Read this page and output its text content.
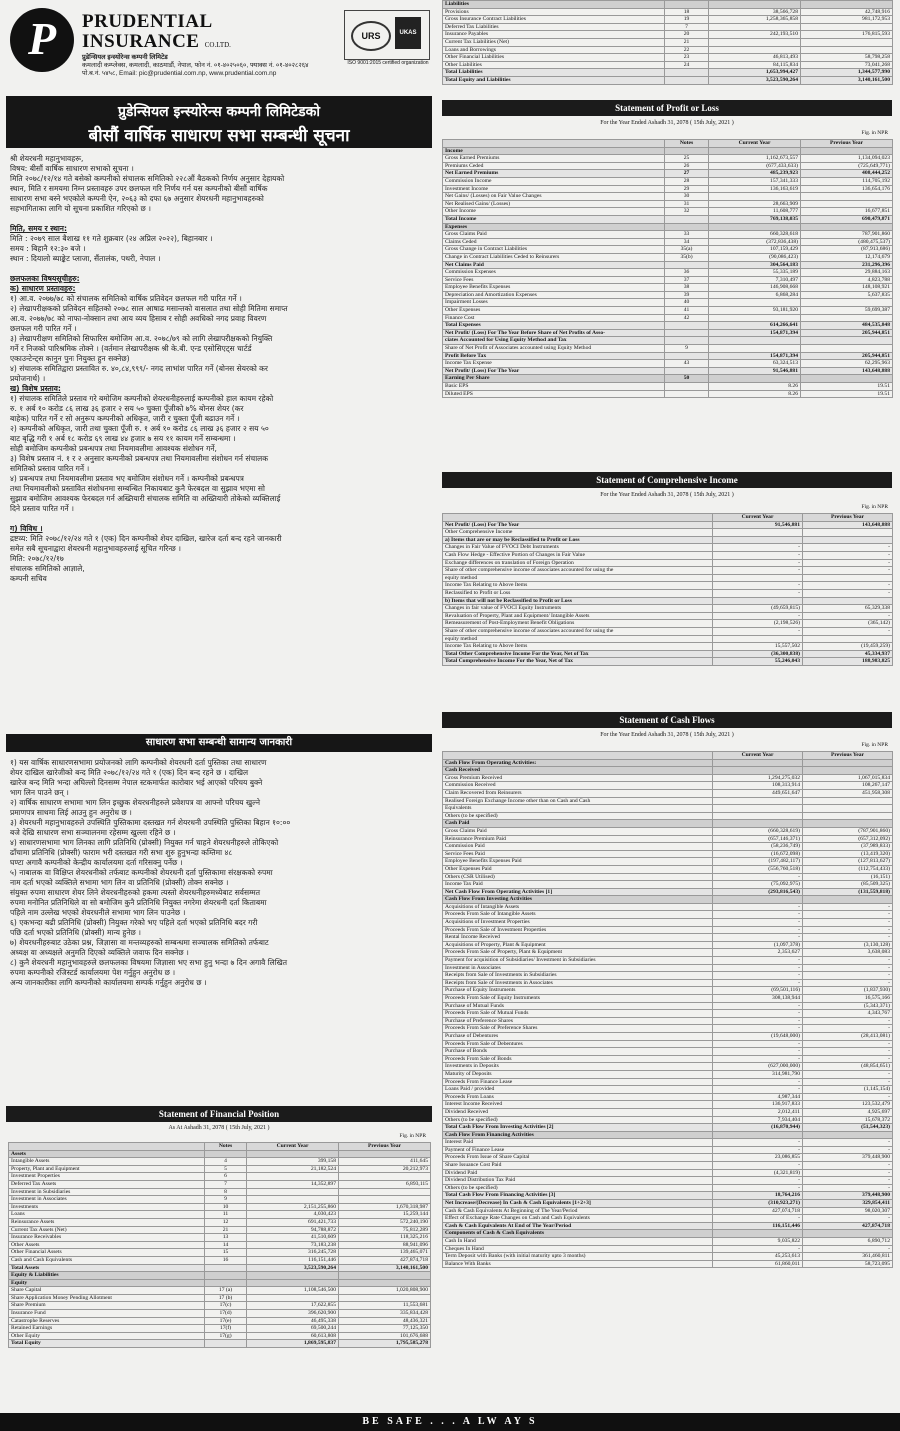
P	PRUDENTIAL
INSURANCE CO.LTD.
प्रुडेन्सियल इन्स्योरेन्स कम्पनी लिमिटेड
कमलादी कम्प्लेक्स, कमलादी, काठमाडौं, नेपाल, फोन नं. ०१-४०२५०६०, फ्याक्स नं. ०१-४०२८२६४
पो.ब.नं. ५४५८, Email: pic@prudential.com.np, www.prudential.com.np
URS	UKAS
ISO 9001:2015 certified organization
प्रुडेन्सियल इन्स्योरेन्स कम्पनी लिमिटेडको
बीसौं वार्षिक साधारण सभा सम्बन्धी सूचना
श्री शेयरधनी महानुभावहरू,
विषय: बीसौं वार्षिक साधारण सभाको सूचना ।
मिति २०७८/१२/१४ गते बसेको कम्पनीको संचालक समितिको २२८औं बैठकको निर्णय अनुसार देहायको
स्थान, मिति र समयमा निम्न प्रस्तावहरु उपर छलफल गरि निर्णय गर्न यस कम्पनीको बीसौं वार्षिक
साधारण सभा बस्ने भएकोले कम्पनी ऐन, २०६३ को दफा ६७ अनुसार शेयरधनी महानुभावहरुको
सहभागिताका लागि यो सूचना प्रकाशित गरिएको छ ।
मिति, समय र स्थान:
मिति : २०७९ साल बैशाख ११ गते शुक्रबार (२४ अप्रिल २०२२), बिहानबार ।
समय : बिहानै १२:३० बजे ।
स्थान : दियालो ब्याङ्केट प्लाजा, सैंतालंक, पथरी, नेपाल ।
छलफलका विषयसूचीहरु:
क) साधारण प्रस्तावहरु:
१) आ.व. २०७७/७८ को संचालक समितिको वार्षिक प्रतिवेदन छलफल गरी पारित गर्ने ।
२) लेखापरीक्षकको प्रतिवेदन सहितको २०७८ साल आषाढ मसान्तको वासलात तथा सोही मितिमा समाप्त
आ.व. २०७७/७८ को नाफा-नोक्सान तथा आय व्यय हिसाब र सोही अवधिको नगद प्रवाह विवरण
छलफल गरी पारित गर्ने ।
३) लेखापरीक्षण समितिको सिफारिस बमोजिम आ.व. २०७८/७९ को लागि लेखापरीक्षकको नियुक्ति
गर्ने र निजको पारिश्रमिक तोक्ने । (वर्तमान लेखापरीक्षक श्री के.बी. एन्ड एसोसिएट्स चार्टर्ड
एकाउन्टेन्ट्स कानुन पुनः नियुक्त हुन सक्नेछ)
४) संचालक समितिद्वारा प्रस्तावित रु. ४०,८४,९९९/- नगद लाभांश पारित गर्ने (बोनस सेयरको कर
प्रयोजनार्थ) ।
ख) विशेष प्रस्ताव:
१) संचालक समितिले प्रस्ताव गरे बमोजिम कम्पनीको शेयरधनीहरुलाई कम्पनीको हाल कायम रहेको
रु. १ अर्ब १० करोड ८६ लाख ३६ हजार २ सय ५० चुक्ता पूँजीको ७% बोनस शेयर (कर
बाहेक) पारित गर्ने र सो अनुरूप कम्पनीको अधिकृत, जारी र चुक्ता पूँजी बढाउन गर्ने ।
२) कम्पनीको अधिकृत, जारी तथा चुक्ता पूँजी रु. १ अर्ब १० करोड ८६ लाख ३६ हजार २ सय ५०
बाट बृद्धि गरी १ अर्ब १८ करोड ६९ लाख ४४ हजार ७ सय ११ कायम गर्ने सम्बन्धमा ।
सोही बमोजिम कम्पनीको प्रबन्धपत्र तथा नियमावलीमा आवश्यक संशोधन गर्ने,
३) विशेष प्रस्ताव नं. १ र २ अनुसार कम्पनीको प्रबन्धपत्र तथा नियमावलीमा संशोधन गर्न संचालक
समितिको प्रस्ताव पारित गर्ने ।
४) प्रबन्धपत्र तथा नियमावलीमा प्रस्ताव भए बमोजिम संशोधन गर्ने । कम्पनीको प्रबन्धपत्र
तथा नियमावलीको प्रस्तावित संशोधनमा सम्बन्धित निकायबाट कुनै फेरबदल वा सुझाव भएमा सो
सुझाव बमोजिम आवश्यक फेरबदल गर्न अख्तियारी संचालक समिति वा अख्तियारी तोकेको व्यक्तिलाई
दिने प्रस्ताव पारित गर्ने ।
ग) विविध ।
द्रष्टव्य: मिति २०७८/१२/२४ गते १ (एक) दिन कम्पनीको शेयर दाखिल, खारेज दर्ता बन्द रहने जानकारी
समेत सबै सूचनाद्वारा शेयरधनी महानुभावहरुलाई सूचित गरिन्छ ।
मिति: २०७८/१२/१७
संचालक समितिको आज्ञाले,
कम्पनी सचिव
साधारण सभा सम्बन्धी सामान्य जानकारी
१) यस वार्षिक साधारणसभामा प्रयोजनको लागि कम्पनीको शेयरधनी दर्ता पुस्तिका तथा साधारण
शेयर दाखिल खारेजीको बन्द मिति २०७८/१२/२४ गते १ (एक) दिन बन्द रहने छ । दाखिल
खारेज बन्द मिति भन्दा अघिल्लो दिनसम्म नेपाल स्टकमार्फत कारोबार भई आएको परिचय बुक्ने
भाग लिन पाउने छन् ।
२) वार्षिक साधारण सभामा भाग लिन इच्छुक शेयरधनीहरुले प्रवेशपत्र वा आफ्नो परिचय खुल्ने
प्रमाणपत्र साथमा लिई आउनु हुन अनुरोध छ ।
३) शेयरधनी महानुभावहरुले उपस्थिति पुस्तिकामा दस्तखत गर्न शेयरधनी उपस्थिति पुस्तिका बिहान १०:००
बजे देखि साधारण सभा सञ्चालनमा रहेसम्म खुल्ला रहिने छ ।
४) साधारणसभामा भाग लिनका लागि प्रतिनिधि (प्रोक्सी) नियुक्त गर्न चाहने शेयरधनीहरुले तोकिएको
ढाँचामा प्रतिनिधि (प्रोक्सी) फाराम भरी दस्तखत गरी सभा शुरु हुनुभन्दा कम्तिमा ४८
घण्टा अगावै कम्पनीको केन्द्रीय कार्यालयमा दर्ता गरिसक्नु पर्नेछ ।
५) नाबालक वा विक्षिप्त शेयरधनीको तर्फबाट कम्पनीको शेयरधनी दर्ता पुस्तिकामा संरक्षकको रुपमा
नाम दर्ता भएको व्यक्तिले सभामा भाग लिन वा प्रतिनिधि (प्रोक्सी) तोक्न सक्नेछ ।
संयुक्त रुपमा साधारण शेयर लिने शेयरधनीहरुको हकमा त्यस्तो शेयरधनीहरुमध्येबाट सर्वसम्मत
रुपमा मनोनित प्रतिनिधिले वा सो बमोजिम कुनै प्रतिनिधि नियुक्त नगरेमा शेयरधनी दर्ता किताबमा
पहिले नाम उल्लेख भएको शेयरधनीले सभामा भाग लिन पाउनेछ ।
६) एकभन्दा बढी प्रतिनिधि (प्रोक्सी) नियुक्त गरेको भए पहिले दर्ता भएको प्रतिनिधि बदर गरी
पछि दर्ता भएको प्रतिनिधि (प्रोक्सी) मान्य हुनेछ ।
७) शेयरधनीहरुबाट उठेका प्रश्न, जिज्ञासा वा मन्तव्यहरुको सम्बन्धमा सञ्चालक समितिको तर्फबाट
अध्यक्ष वा अध्यक्षले अनुमति दिएको व्यक्तिले जवाफ दिन सक्नेछ ।
८) कुनै शेयरधनी महानुभावहरुले छलफलका विषयमा जिज्ञासा भए सभा हुनु भन्दा ७ दिन अगावै लिखित
रुपमा कम्पनीको रजिस्टर्ड कार्यालयमा पेश गर्नुहुन अनुरोध छ ।
अन्य जानकारीका लागि कम्पनीको कार्यालयमा सम्पर्क गर्नुहुन अनुरोध छ ।
Statement of Financial Position
As At Ashadh 31, 2078 ( 15th July, 2021 )
Fig. in NPR
	Notes	Current Year	Previous Year
Assets			
Intangible Assets	4	399,158	411,645
Property, Plant and Equipment	5	21,182,524	20,212,973
Investment Properties	6		
Deferred Tax Assets	7	14,352,897	6,893,115
Investment in Subsidiaries	8		
Investment in Associates	9		
Investments	10	2,151,255,860	1,670,318,987
Loans	11	4,030,423	15,259,144
Reinsurance Assets	12	691,421,733	572,240,190
Current Tax Assets (Net)	21	94,788,872	75,812,289
Insurance Receivables	13	41,510,609	118,325,216
Other Assets	14	73,183,238	88,941,096
Other Financial Assets	15	316,245,728	139,465,071
Cash and Cash Equivalents	16	116,151,446	427,874,718
Total Assets		3,523,590,264	3,140,161,500
Equity & Liabilities			
Equity			
Share Capital	17 (a)	1,108,546,500	1,020,808,900
Share Application Money Pending Allotment	17 (b)		
Share Premium	17(c)	17,622,855	11,553,681
Insurance Fund	17(d)	396,620,900	335,834,428
Catastrophe Reserves	17(e)	46,495,338	48,436,321
Retained Earnings	17(f)	69,500,244	77,125,350
Other Equity	17(g)	60,613,808	101,676,688
Total Equity		1,869,595,837	1,795,585,278
Liabilities			
Provisions	18	38,566,728	42,748,916
Gross Insurance Contract Liabilities	19	1,258,365,858	981,172,953
Deferred Tax Liabilities	7		
Insurance Payables	20	242,193,510	176,815,593
Current Tax Liabilities (Net)	21		
Loans and Borrowings	22		
Other Financial Liabilities	23	46,813,493	58,798,258
Other Liabilities	24	84,115,834	73,041,268
Total Liabilities		1,653,994,427	1,344,577,990
Total Equity and Liabilities		3,523,590,264	3,140,161,500
Statement of Profit or Loss
For the Year Ended Ashadh 31, 2078 ( 15th July, 2021 )
Fig. in NPR
	Notes	Current Year	Previous Year
Income			
Gross Earned Premiums	25	1,162,673,557	1,134,094,023
Premiums Ceded	26	(677,433,633)	(725,649,771)
Net Earned Premiums	27	485,239,923	408,444,252
Commission Income	28	157,341,333	114,705,192
Investment Income	29	136,163,619	136,654,176
Net Gains/ (Losses) on Fair Value Changes	30		
Net Realised Gains/ (Losses)	31	28,663,909	
Other Income	32	11,608,777	16,677,851
Total Income		769,138,035	690,479,871
Expenses			
Gross Claims Paid	33	660,328,618	787,901,860
Claims Ceded	34	(372,836,438)	(480,475,537)
Gross Change in Contract Liabilities	35(a)	107,159,429	(87,913,686)
Change in Contract Liabilities Ceded to Reinsurers	35(b)	(90,086,423)	12,174,679
Net Claims Paid		304,564,183	231,296,396
Commission Expenses	36	55,335,189	29,884,163
Service Fees	37	7,310,497	4,823,788
Employee Benefits Expenses	38	146,908,668	148,108,921
Depreciation and Amortization Expenses	39	6,868,284	5,637,835
Impairment Losses	40		
Other Expenses	41	93,181,920	59,699,387
Finance Cost	42		
Total Expenses		614,266,641	484,535,848
Net Profit/ (Loss) For The Year Before Share of Net Profits of Asso-		154,871,394	205,944,851
ciates Accounted for Using Equity Method and Tax			
Share of Net Profit of Associates accounted using Equity Method	9		
Profit Before Tax		154,871,394	205,944,851
Income Tax Expense	43	63,324,513	62,295,963
Net Profit/ (Loss) For The Year		91,546,881	143,648,888
Earning Per Share	50		
Basic EPS		8.26	19.51
Diluted EPS		8.26	19.51
Statement of Comprehensive Income
For the Year Ended Ashadh 31, 2078 ( 15th July, 2021 )
Fig. in NPR
	Current Year	Previous Year
Net Profit/ (Loss) For The Year	91,546,881	143,648,888
Other Comprehensive Income		
a) Items that are or may be Reclassified to Profit or Loss		
Changes in Fair Value of FVOCI Debt Instruments	-	-
Cash Flow Hedge - Effective Portion of Changes in Fair Value	-	-
Exchange differences on translation of Foreign Operation	-	-
Share of other comprehensive income of associates accounted for using the	-	-
equity method		
Income Tax Relating to Above Items	-	-
Reclassified to Profit or Loss	-	-
b) Items that will not be Reclassified to Profit or Loss		
Changes in fair value of FVOCI Equity Instruments	(49,659,815)	65,329,338
Revaluation of Property, Plant and Equipment/ Intangible Assets	-	-
Remeasurement of Post-Employment Benefit Obligations	(2,198,526)	(365,142)
Share of other comprehensive income of associates accounted for using the	-	-
equity method		
Income Tax Relating to Above Items	15,557,502	(19,459,259)
Total Other Comprehensive Income For the Year, Net of Tax	(36,300,838)	45,334,937
Total Comprehensive Income For the Year, Net of Tax	55,246,043	188,983,825
Statement of Cash Flows
For the Year Ended Ashadh 31, 2078 ( 15th July, 2021 )
Fig. in NPR
	Current Year	Previous Year
Cash Flow From Operating Activities:		
Cash Received		
Gross Premium Received	1,294,275,032	1,067,015,834
Commission Received	108,313,914	108,267,147
Claim Recovered from Reinsurers	449,651,647	451,958,308
Realised Foreign Exchange Income other than on Cash and Cash		
Equivalents		
Others (to be specified)		
Cash Paid		
Gross Claims Paid	(660,328,619)	(787,901,860)
Reinsurance Premium Paid	(657,146,371)	(657,312,092)
Commission Paid	(58,236,749)	(37,989,833)
Service Fees Paid	(16,672,098)	(13,419,320)
Employee Benefits Expenses Paid	(197,482,117)	(127,813,627)
Other Expenses Paid	(556,760,518)	(112,754,433)
Others (CSR Utilised)	-	(16,151)
Income Tax Paid	(75,092,975)	(85,509,325)
Net Cash Flow From Operating Activities [1]	(293,816,543)	(131,559,818)
Cash Flow From Investing Activities		
Acquisitions of Intangible Assets	-	-
Proceeds From Sale of Intangible Assets	-	-
Acquisitions of Investment Properties	-	-
Proceeds From Sale of Investment Properties	-	-
Rental Income Received	-	-
Acquisitions of Property, Plant & Equipment	(1,097,378)	(3,130,128)
Proceeds From Sale of Property, Plant & Equipment	2,353,627	3,638,083
Payment for acquisition of Subsidiaries/ Investment in Subsidiaries	-	-
Investment in Associates	-	-
Receipts from Sale of Investments in Subsidiaries	-	-
Receipts from Sale of Investments in Associates	-	-
Purchase of Equity Instruments	(69,501,116)	(1,837,930)
Proceeds From Sale of Equity Instruments	308,138,944	16,575,166
Purchase of Mutual Funds	-	(5,343,371)
Proceeds From Sale of Mutual Funds	-	4,343,767
Purchase of Preference Shares	-	-
Proceeds From Sale of Preference Shares	-	-
Purchase of Debentures	(19,648,000)	(28,413,081)
Proceeds From Sale of Debentures	-	-
Purchase of Bonds	-	-
Proceeds From Sale of Bonds	-	-
Investments in Deposits	(627,000,000)	(48,854,651)
Maturity of Deposits	314,981,790	-
Proceeds From Finance Lease	-	-
Loans Paid / provided	-	(1,145,154)
Proceeds From Loans	4,987,344	-
Interest Income Received	136,917,833	123,532,479
Dividend Received	2,012,411	4,925,697
Others (to be specified)	7,934,404	15,678,372
Total Cash Flow From Investing Activities [2]	(16,870,944)	(51,544,323)
Cash Flow From Financing Activities		
Interest Paid	-	-
Payment of Finance Lease	-	-
Proceeds From Issue of Share Capital	23,086,855	379,448,900
Share Issuance Cost Paid	-	-
Dividend Paid	(4,321,819)	-
Dividend Distribution Tax Paid	-	-
Others (to be specified)	-	-
Total Cash Flow From Financing Activities [3]	18,764,216	379,448,900
Net Increase/(Decrease) In Cash & Cash Equivalents [1+2+3]	(310,923,271)	329,854,411
Cash & Cash Equivalents At Beginning of The Year/Period	427,074,718	98,020,307
Effect of Exchange Rate Changes on Cash and Cash Equivalents	-	-
Cash & Cash Equivalents At End of The Year/Period	116,151,446	427,874,718
Components of Cash & Cash Equivalents		
Cash In Hand	9,035,822	6,890,712
Cheques In Hand	-	-
Term Deposit with Banks (with initial maturity upto 3 months)	45,253,613	361,460,811
Balance With Banks	61,860,011	58,723,095
BE SAFE . . . A LW AY S
